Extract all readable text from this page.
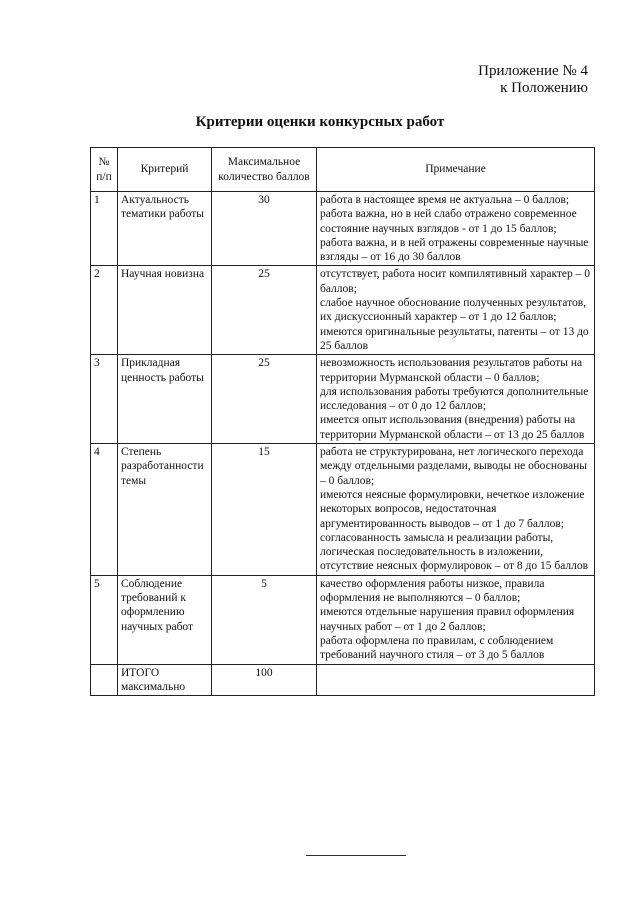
Приложение № 4
к Положению
Критерии оценки конкурсных работ
№ п/п	Критерий	Максимальное количество баллов	Примечание
1	Актуальность тематики работы	30	работа в настоящее время не актуальна – 0 баллов;
работа важна, но в ней слабо отражено современное состояние научных взглядов - от 1 до 15 баллов;
работа важна, и в ней отражены современные научные взгляды – от 16 до 30 баллов

2	Научная новизна	25	отсутствует, работа носит компилятивный характер – 0 баллов;
слабое научное обоснование полученных результатов, их дискуссионный характер – от 1 до 12 баллов;
имеются оригинальные результаты, патенты – от 13 до 25 баллов

3	Прикладная ценность работы	25	невозможность использования результатов работы на территории Мурманской области – 0 баллов;
для использования работы требуются дополнительные исследования – от 0 до 12 баллов;
имеется опыт использования (внедрения) работы на территории Мурманской области – от 13 до 25 баллов

4	Степень разработанности темы	15	работа не структурирована, нет логического перехода между отдельными разделами, выводы не обоснованы – 0 баллов;
имеются неясные формулировки, нечеткое изложение некоторых вопросов, недостаточная аргументированность выводов – от 1 до 7 баллов;
согласованность замысла и реализации работы, логическая последовательность в изложении, отсутствие неясных формулировок – от 8 до 15 баллов

5	Соблюдение требований к оформлению научных работ	5	качество оформления работы низкое, правила оформления не выполняются – 0 баллов;
имеются отдельные нарушения правил оформления научных работ – от 1 до 2 баллов;
работа оформлена по правилам, с соблюдением требований научного стиля – от 3 до 5 баллов

	ИТОГО максимально	100	
